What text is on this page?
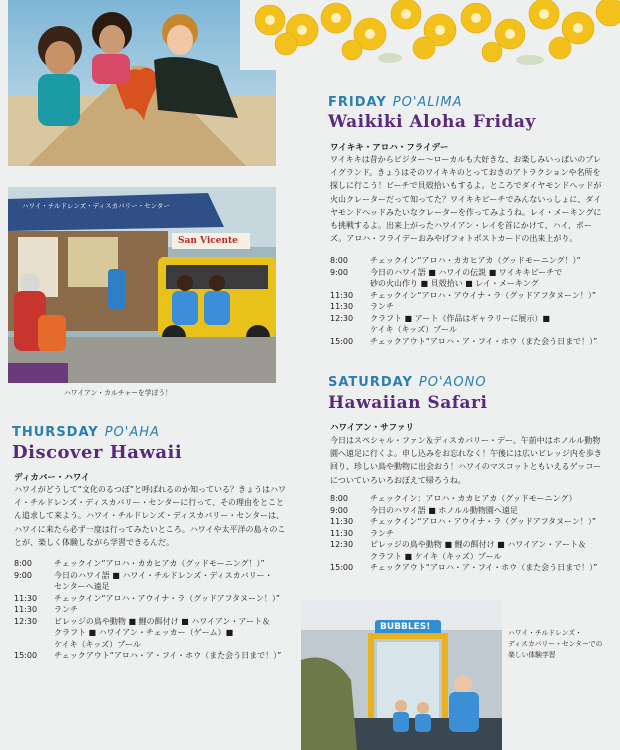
ハワイ・チルドレンズ・ディスカバリー・センター
San Vicente
ハワイアン・カルチャーを学ぼう！
FRIDAY PO'ALIMA
Waikiki Aloha Friday
ワイキキ・アロハ・フライデー

ワイキキは昔からビジター～ローカルも大好きな、お楽しみいっぱいのプレイグランド。きょうはそのワイキキのとっておきのアトラクションや名所を探しに行こう！ビーチで貝殻拾いもするよ。ところでダイヤモンドヘッドが火山クレーターだって知ってた？ワイキキビーチでみんないっしょに、ダイヤモンドヘッドみたいなクレーターを作ってみようね。レイ・メーキングにも挑戦するよ。出来上がったハワイアン・レイを首にかけて、ハイ、ポーズ。アロハ・フライデーおみやげフォトポストカードの出来上がり。

8:00	チェックイン“アロハ・カカヒアカ（グッドモーニング！）”
9:00	今日のハワイ語 ■ ハワイの伝説 ■ ワイキキビーチで
砂の火山作り ■ 貝殻拾い ■ レイ・メーキング
11:30	チェックイン“アロハ・アウイナ・ラ（グッドアフタヌーン！）”
11:30	ランチ
12:30	クラフト ■ アート（作品はギャラリーに展示）■
ケイキ（キッズ）プール
15:00	チェックアウト“アロハ・ア・フイ・ホウ（また会う日まで！）”
SATURDAY PO'AONO
Hawaiian Safari
ハワイアン・サファリ

今日はスペシャル・ファン＆ディスカバリー・デー。午前中はホノルル動物園へ遠足に行くよ。申し込みをお忘れなく！午後には広いビレッジ内を歩き回り、珍しい鳥や動物に出会おう！ハワイのマスコットともいえるゲッコーについていろいろおぼえて帰ろうね。

8:00	チェックイン：アロハ・カカヒアカ（グッドモーニング）
9:00	今日のハワイ語 ■ ホノルル動物園へ遠足
11:30	チェックイン“アロハ・アウイナ・ラ（グッドアフタヌーン！）”
11:30	ランチ
12:30	ビレッジの鳥や動物 ■ 鯉の餌付け ■ ハワイアン・アート＆
クラフト ■ ケイキ（キッズ）プール
15:00	チェックアウト“アロハ・ア・フイ・ホウ（また会う日まで！）”
THURSDAY PO'AHA
Discover Hawaii
ディカバー・ハワイ

ハワイがどうして“文化のるつぼ”と呼ばれるのか知っている？きょうはハワイ・チルドレンズ・ディスカバリー・センターに行って、その理由をとことん追求して来よう。ハワイ・チルドレンズ・ディスカバリー・センターは、ハワイに来たら必ず一度は行ってみたいところ。ハワイや太平洋の島々のことが、楽しく体験しながら学習できるんだ。

8:00	チェックイン“アロハ・カカヒアカ（グッドモーニング！）”
9:00	今日のハワイ語 ■ ハワイ・チルドレンズ・ディスカバリー・
センターへ遠足
11:30	チェックイン“アロハ・アウイナ・ラ（グッドアフタヌーン！）”
11:30	ランチ
12:30	ビレッジの鳥や動物 ■ 鯉の餌付け ■ ハワイアン・アート＆
クラフト ■ ハワイアン・チェッカー（ゲーム）■
ケイキ（キッズ）プール
15:00	チェックアウト“アロハ・ア・フイ・ホウ（また会う日まで！）”
BUBBLES!
ハワイ・チルドレンズ・
ディスカバリー・センターでの
楽しい体験学習
